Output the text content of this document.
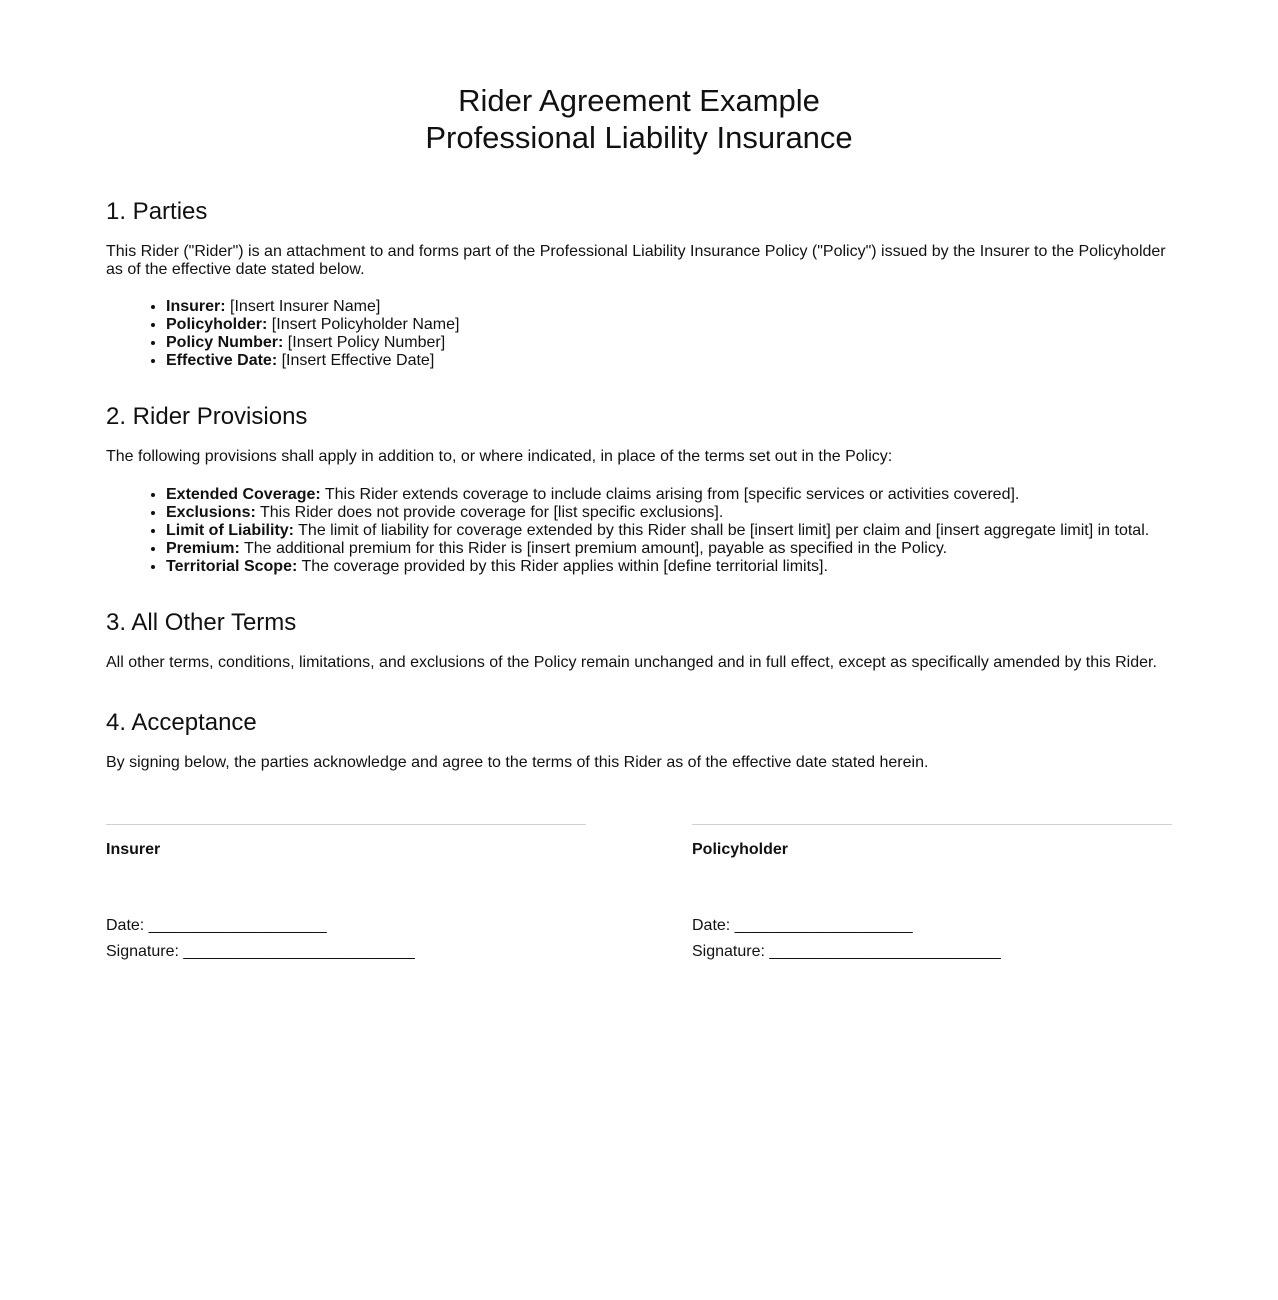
Rider Agreement Example
Professional Liability Insurance
1. Parties

This Rider ("Rider") is an attachment to and forms part of the Professional Liability Insurance Policy ("Policy") issued by the Insurer to the Policyholder as of the effective date stated below.

• Insurer: [Insert Insurer Name]
• Policyholder: [Insert Policyholder Name]
• Policy Number: [Insert Policy Number]
• Effective Date: [Insert Effective Date]
2. Rider Provisions

The following provisions shall apply in addition to, or where indicated, in place of the terms set out in the Policy:

• Extended Coverage: This Rider extends coverage to include claims arising from [specific services or activities covered].
• Exclusions: This Rider does not provide coverage for [list specific exclusions].
• Limit of Liability: The limit of liability for coverage extended by this Rider shall be [insert limit] per claim and [insert aggregate limit] in total.
• Premium: The additional premium for this Rider is [insert premium amount], payable as specified in the Policy.
• Territorial Scope: The coverage provided by this Rider applies within [define territorial limits].
3. All Other Terms

All other terms, conditions, limitations, and exclusions of the Policy remain unchanged and in full effect, except as specifically amended by this Rider.

4. Acceptance

By signing below, the parties acknowledge and agree to the terms of this Rider as of the effective date stated herein.

Insurer
Date: ____________________
Signature: __________________________
Policyholder
Date: ____________________
Signature: __________________________
